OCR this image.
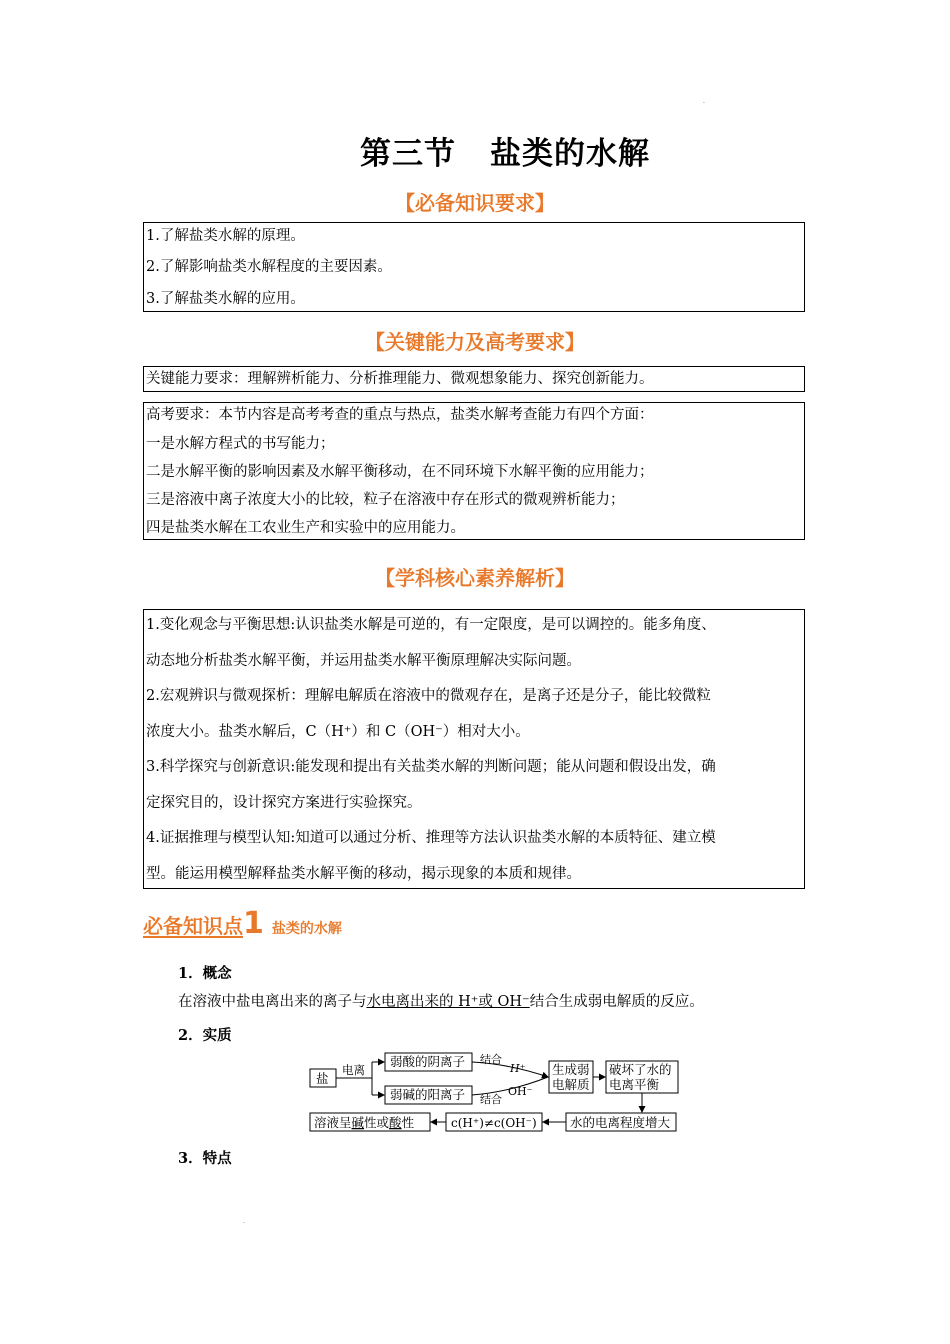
.
第三节 盐类的水解
【必备知识要求】
1.了解盐类水解的原理。
2.了解影响盐类水解程度的主要因素。
3.了解盐类水解的应用。
【关键能力及高考要求】
关键能力要求：理解辨析能力、分析推理能力、微观想象能力、探究创新能力。
高考要求：本节内容是高考考查的重点与热点，盐类水解考查能力有四个方面：
一是水解方程式的书写能力；
二是水解平衡的影响因素及水解平衡移动，在不同环境下水解平衡的应用能力；
三是溶液中离子浓度大小的比较，粒子在溶液中存在形式的微观辨析能力；
四是盐类水解在工农业生产和实验中的应用能力。
【学科核心素养解析】
1.变化观念与平衡思想:认识盐类水解是可逆的，有一定限度，是可以调控的。能多角度、
动态地分析盐类水解平衡，并运用盐类水解平衡原理解决实际问题。
2.宏观辨识与微观探析：理解电解质在溶液中的微观存在，是离子还是分子，能比较微粒
浓度大小。盐类水解后，C（H⁺）和 C（OH⁻）相对大小。
3.科学探究与创新意识:能发现和提出有关盐类水解的判断问题；能从问题和假设出发，确
定探究目的，设计探究方案进行实验探究。
4.证据推理与模型认知:知道可以通过分析、推理等方法认识盐类水解的本质特征、建立模
型。能运用模型解释盐类水解平衡的移动，揭示现象的本质和规律。
必备知识点1 盐类的水解
1．概念
在溶液中盐电离出来的离子与水电离出来的 H⁺或 OH⁻结合生成弱电解质的反应。
2．实质
盐
电离
弱酸的阴离子
弱碱的阳离子
结合
H⁺
结合
OH⁻
生成弱
电解质
破坏了水的
电离平衡
水的电离程度增大
c(H⁺)≠c(OH⁻)
溶液呈碱性或酸性
3．特点
.
